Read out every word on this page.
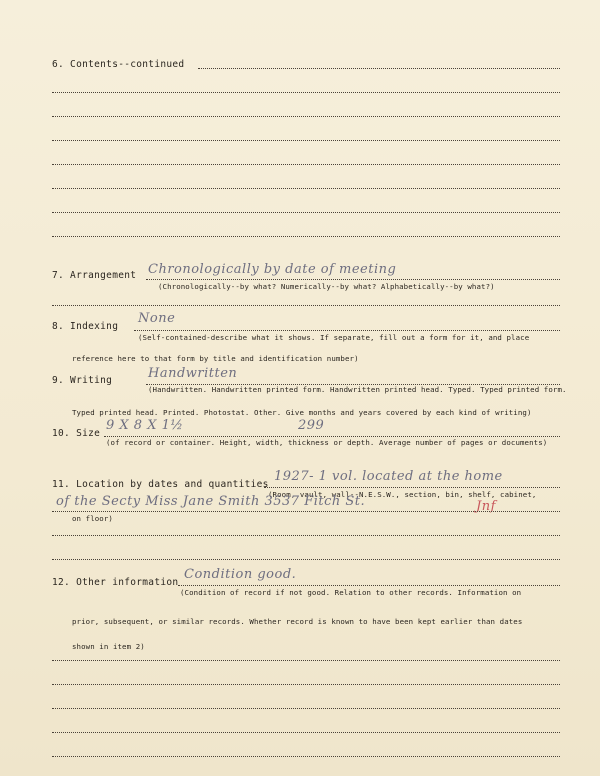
6. Contents--continued
7. Arrangement Chronologically by date of meeting
(Chronologically--by what? Numerically--by what? Alphabetically--by what?)
8. Indexing
None
(Self-contained-describe what it shows. If separate, fill out a form for it, and place
reference here to that form by title and identification number)
9. Writing	Handwritten
(Handwritten. Handwritten printed form. Handwritten printed head. Typed. Typed printed form.
Typed printed head. Printed. Photostat. Other. Give months and years covered by each kind of writing)
10. Size
9 X 8 X 1½	299
(of record or container. Height, width, thickness or depth. Average number of pages or documents)
11. Location by dates and quantities
1927- 1 vol. located at the home
(Room, vault, wall--N.E.S.W., section, bin, shelf, cabinet,
of the Secty Miss Jane Smith 3537 Fitch St.	Jnf
on floor)
12. Other information
Condition good.
(Condition of record if not good. Relation to other records. Information on
prior, subsequent, or similar records. Whether record is known to have been kept earlier than dates
shown in item 2)
